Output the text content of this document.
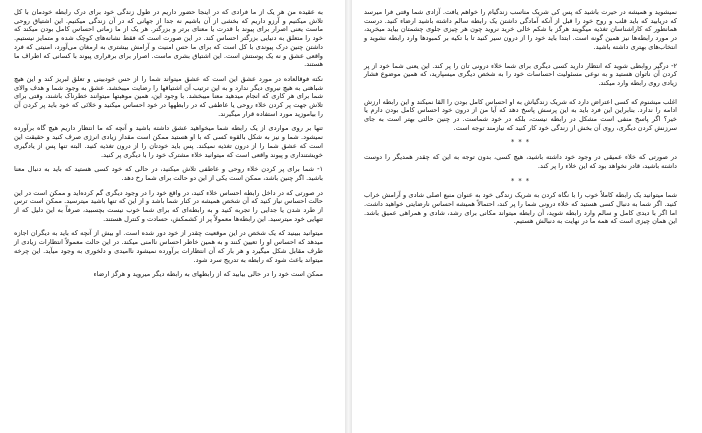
به عقیده من هر یک از ما فرادی که در اینجا حضور داریم در طول زندگی خود برای درک رابطه خودمان با کل تلاش میکنیم و آرزو داریم که بخشی از آن باشیم نه جدا از جهانی که در آن زندگی میکنیم. این اشتیاق روحی ماست یعنی اصرار برای پیوند با قدرت یا معنای برتر و بزرگتر. هر یک از ما زمانی احساس کامل بودن میکند که خود را متعلق به دنیایی بزرگتر احساس کند. در این صورت است که فقط نشانه‌های کوچک شده و متمایز نیستیم. داشتن چنین درک پیوندی با کل است که برای ما حس امنیت و آرامش بیشتری به ارمغان می‌آورد، امنیتی که فرد واقعی عشق و نه یک پوستش است. این اشتیاق بشری ماست. اصرار برای برقراری پیوند با کسانی که اطراف ما هستند.

نکته فوقالعاده در مورد عشق این است که عشق میتواند شما را از حس خودبینی و تعلق لبریز کند و این هیچ شباهتی به هیچ نیرو‌ی دیگر ندارد و به این ترتیب آن اشتیاقها را رضایت میبخشد. عشق به وجود شما و هدف والای شما برای هر کاری که انجام میدهید معنا میبخشد. با وجود این، همین موهبتها میتوانند خطرناک باشند، وقتی برای تلاش جهت پر کردن خلاء روحی یا عاطفی که در رابطهها در خود احساس میکنید و خلائی که خود باید پر کردن آن را بیاموزید مورد استفاده قرار میگیرند.

تنها بر روی مواردی از یک رابطه شما میخواهید عشق داشته باشید و آنچه که ما انتظار داریم هیچ گاه برآورده نمیشود. شما و نیز به شکل بالقوه کسی که با او هستید ممکن است مقدار زیادی انرژی صرف کنید و حقیقت این است که عشق شما را از درون تغذیه نمیکند. پس باید خودتان را از درون تغذیه کنید. البته تنها پس از یادگیری خویشتنداری و پیوند واقعی است که میتوانید خلاء مشترک خود را با دیگری پر کنید.

۱- شما برای پر کردن خلاء روحی و عاطفی تلاش میکنید، در حالی که خود کسی هستید که باید به دنبال معنا باشید. اگر چنین باشد، ممکن است یکی از این دو حالت برای شما رخ دهد.

در صورتی که در داخل رابطه احساس خلاء کنید، در واقع خود را در وجود دیگری گم کرده‌اید و ممکن است در این حالت احساس نیاز کنید که آن شخص همیشه در کنار شما باشد و از این که تنها باشید میترسید. ممکن است ترس از طرد شدن یا جدایی را تجربه کنید و به رابطه‌ای که برای شما خوب نیست بچسبید، صرفاً به این دلیل که از تنهایی خود میترسید. این رابطه‌ها معمولاً پر از کشمکش، حسادت و کنترل هستند.

میتوانید ببینید که یک شخص در این موقعیت چقدر از خود دور شده است. او بیش از آنچه که باید به دیگران اجازه میدهد که احساس او را تعیین کنند و به همین خاطر احساس ناامنی میکند. در این حالت معمولاً انتظارات زیادی از طرف مقابل شکل میگیرد و هر بار که آن انتظارات برآورده نمیشود ناامیدی و دلخوری به وجود میآید. این چرخه میتواند باعث شود که رابطه به تدریج سرد شود.

ممکن است خود را در حالی بیابید که از رابطهای به رابطه دیگر میروید و هرگز ارضاء

نمیشوید و همیشه در حیرت باشید که پس کی شریک مناسب زندگیام را خواهم یافت. آزادی شما وقتی فرا میرسد که دریابید که باید قلب و روح خود را قبل از آنکه آمادگی داشتن یک رابطه سالم داشته باشید ارضاء کنید. درست همانطور که کاراشناسان تغذیه میگویند هرگز با شکم خالی خرید نروید چون هر چیزی جلوی چشمتان بیاید میخرید، در مورد رابطه‌ها نیز همین گونه است. ابتدا باید خود را از درون سیر کنید تا با تکیه بر کمبودها وارد رابطه نشوید و انتخاب‌های بهتری داشته باشید.

۲- درگیر روابطی شوید که انتظار دارید کسی دیگری برای شما خلاء درونی تان را پر کند. این یعنی شما خود از پر کردن آن ناتوان هستید و به نوعی مسئولیت احساسات خود را به شخص دیگری میسپارید، که همین موضوع فشار زیادی روی رابطه وارد میکند.

اغلب میشنوم که کسی اعتراض دارد که شریک زندگیاش به او احساس کامل بودن را القا نمیکند و این رابطه ارزش ادامه را ندارد. بنابراین این فرد باید به این پرسش پاسخ دهد که آیا من از درون خود احساس کامل بودن دارم یا خیر؟ اگر پاسخ منفی است مشکل در رابطه نیست، بلکه در خود شماست. در چنین حالتی بهتر است به جای سرزنش کردن دیگری، روی آن بخش از زندگی خود کار کنید که نیازمند توجه است.

* * *

در صورتی که خلاء عمیقی در وجود خود داشته باشید، هیچ کسی، بدون توجه به این که چقدر همدیگر را دوست داشته باشید، قادر نخواهد بود که این خلاء را پر کند.

* * *

شما میتوانید یک رابطه کاملاً خوب را با نگاه کردن به شریک زندگی خود به عنوان منبع اصلی شادی و آرامش خراب کنید. اگر شما به دنبال کسی هستید که خلاء درونی شما را پر کند، احتمالاً همیشه احساس نارضایتی خواهید داشت. اما اگر با دیدی کامل و سالم وارد رابطه شوید، آن رابطه میتواند مکانی برای رشد، شادی و همراهی عمیق باشد. این همان چیزی است که همه ما در نهایت به دنبالش هستیم.
